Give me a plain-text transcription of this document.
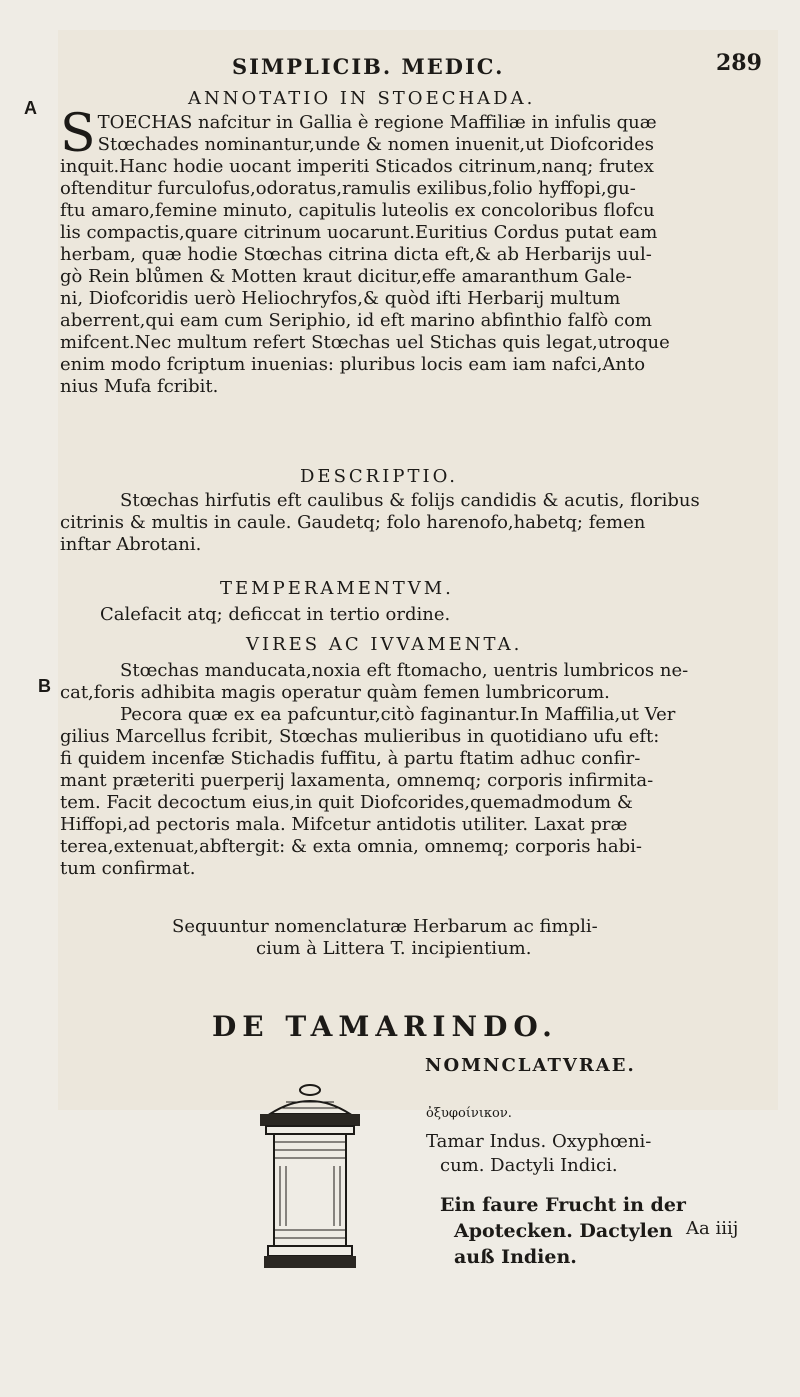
SIMPLICIB. MEDIC.	289
A
B
ANNOTATIO IN STOECHADA.
S TOECHAS nafcitur in Gallia è regione Maffiliæ in infulis quæ
Stœchades nominantur,unde & nomen inuenit,ut Diofcorides
inquit.Hanc hodie uocant imperiti Sticados citrinum,nanq; frutex
oftenditur furculofus,odoratus,ramulis exilibus,folio hyffopi,gu-
ftu amaro,femine minuto, capitulis luteolis ex concoloribus flofcu
lis compactis,quare citrinum uocarunt.Euritius Cordus putat eam
herbam, quæ hodie Stœchas citrina dicta eft,& ab Herbarijs uul-
gò Rein blůmen & Motten kraut dicitur,effe amaranthum Gale-
ni, Diofcoridis uerò Heliochryfos,& quòd ifti Herbarij multum
aberrent,qui eam cum Seriphio, id eft marino abfinthio falfò com
mifcent.Nec multum refert Stœchas uel Stichas quis legat,utroque
enim modo fcriptum inuenias: pluribus locis eam iam nafci,Anto
nius Mufa fcribit.
DESCRIPTIO.
Stœchas hirfutis eft caulibus & folijs candidis & acutis, floribus
citrinis & multis in caule. Gaudetq; folo harenofo,habetq; femen
inftar Abrotani.
TEMPERAMENTVM.
Calefacit atq; deficcat in tertio ordine.
VIRES AC IVVAMENTA.
Stœchas manducata,noxia eft ftomacho, uentris lumbricos ne-
cat,foris adhibita magis operatur quàm femen lumbricorum.
Pecora quæ ex ea pafcuntur,citò faginantur.In Maffilia,ut Ver
gilius Marcellus fcribit, Stœchas mulieribus in quotidiano ufu eft:
fi quidem incenfæ Stichadis fuffitu, à partu ftatim adhuc confir-
mant præteriti puerperij laxamenta, omnemq; corporis infirmita-
tem. Facit decoctum eius,in quit Diofcorides,quemadmodum &
Hiffopi,ad pectoris mala. Mifcetur antidotis utiliter. Laxat præ
terea,extenuat,abftergit: & exta omnia, omnemq; corporis habi-
tum confirmat.
Sequuntur nomenclaturæ Herbarum ac fimpli-
cium à Littera T. incipientium.
DE TAMARINDO.
NOMNCLATVRAE.
ὀξυφοίνικον.
Tamar Indus. Oxyphœni-
cum. Dactyli Indici.
Ein faure Frucht in der
Apotecken. Dactylen
auß Indien.
Aa iiij
